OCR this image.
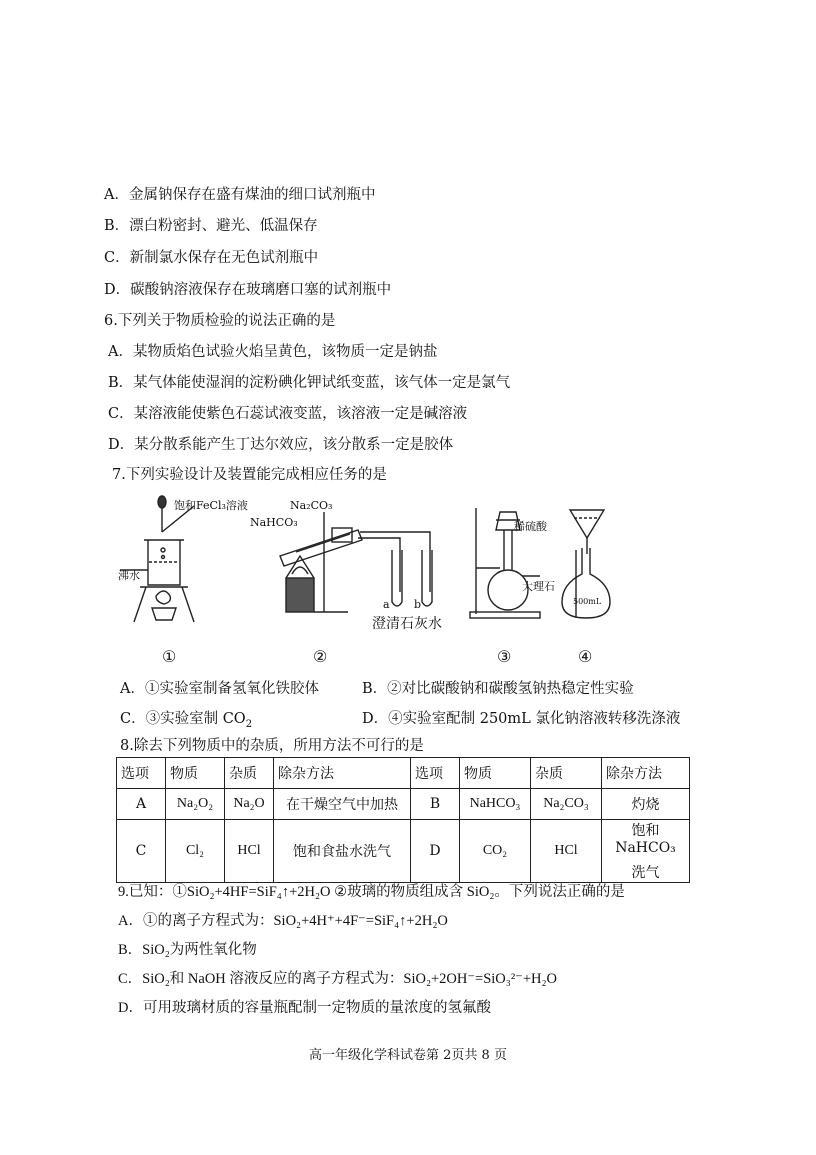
A．金属钠保存在盛有煤油的细口试剂瓶中
B．漂白粉密封、避光、低温保存
C．新制氯水保存在无色试剂瓶中
D．碳酸钠溶液保存在玻璃磨口塞的试剂瓶中
6.下列关于物质检验的说法正确的是
A．某物质焰色试验火焰呈黄色，该物质一定是钠盐
B．某气体能使湿润的淀粉碘化钾试纸变蓝，该气体一定是氯气
C．某溶液能使紫色石蕊试液变蓝，该溶液一定是碱溶液
D．某分散系能产生丁达尔效应，该分散系一定是胶体
7.下列实验设计及装置能完成相应任务的是
饱和FeCl₃溶液
沸水
Na₂CO₃
NaHCO₃
a b
澄清石灰水
稀硫酸
大理石
500mL
①	②	③	④
A．①实验室制备氢氧化铁胶体	B．②对比碳酸钠和碳酸氢钠热稳定性实验
C．③实验室制 $CO_2$	D．④实验室配制 250mL 氯化钠溶液转移洗涤液
8.除去下列物质中的杂质，所用方法不可行的是
选项	物质	杂质	除杂方法	选项	物质	杂质	除杂方法
A	Na₂O₂	Na₂O	在干燥空气中加热	B	NaHCO₃	Na₂CO₃	灼烧
C	Cl₂	HCl	饱和食盐水洗气	D	CO₂	HCl	饱和 NaHCO₃
洗气
9.已知：①SiO₂+4HF=SiF₄↑+2H₂O ②玻璃的物质组成含 SiO₂。下列说法正确的是
A．①的离子方程式为：SiO₂+4H⁺+4F⁻=SiF₄↑+2H₂O
B．SiO₂为两性氧化物
C．SiO₂和 NaOH 溶液反应的离子方程式为：SiO₂+2OH⁻=SiO₃²⁻+H₂O
D．可用玻璃材质的容量瓶配制一定物质的量浓度的氢氟酸
高一年级化学科试卷第 2页共 8 页
